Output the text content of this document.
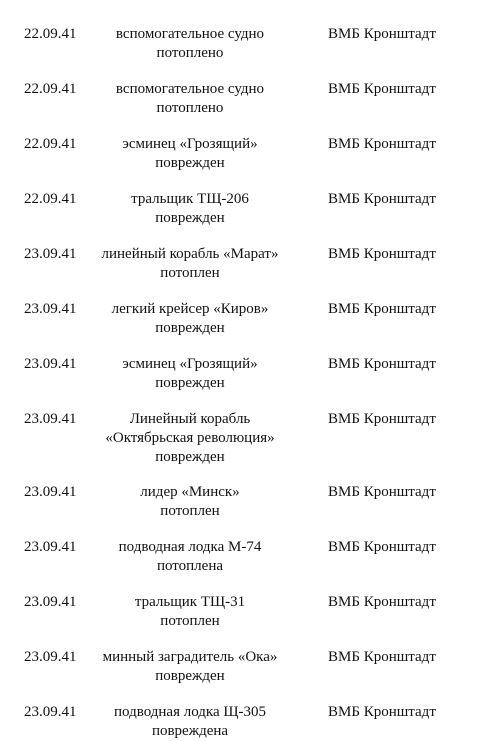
22.09.41	вспомогательное судно
потоплено
ВМБ Кронштадт
22.09.41	вспомогательное судно
потоплено
ВМБ Кронштадт
22.09.41	эсминец «Грозящий»
поврежден
ВМБ Кронштадт
22.09.41	тральщик ТЩ-206
поврежден
ВМБ Кронштадт
23.09.41	линейный корабль «Марат»
потоплен
ВМБ Кронштадт
23.09.41	легкий крейсер «Киров»
поврежден
ВМБ Кронштадт
23.09.41	эсминец «Грозящий»
поврежден
ВМБ Кронштадт
23.09.41	Линейный корабль
«Октябрьская революция»
поврежден
ВМБ Кронштадт
23.09.41	лидер «Минск»
потоплен
ВМБ Кронштадт
23.09.41	подводная лодка М-74
потоплена
ВМБ Кронштадт
23.09.41	тральщик ТЩ-31
потоплен
ВМБ Кронштадт
23.09.41	минный заградитель «Ока»
поврежден
ВМБ Кронштадт
23.09.41	подводная лодка Щ-305
повреждена
ВМБ Кронштадт
